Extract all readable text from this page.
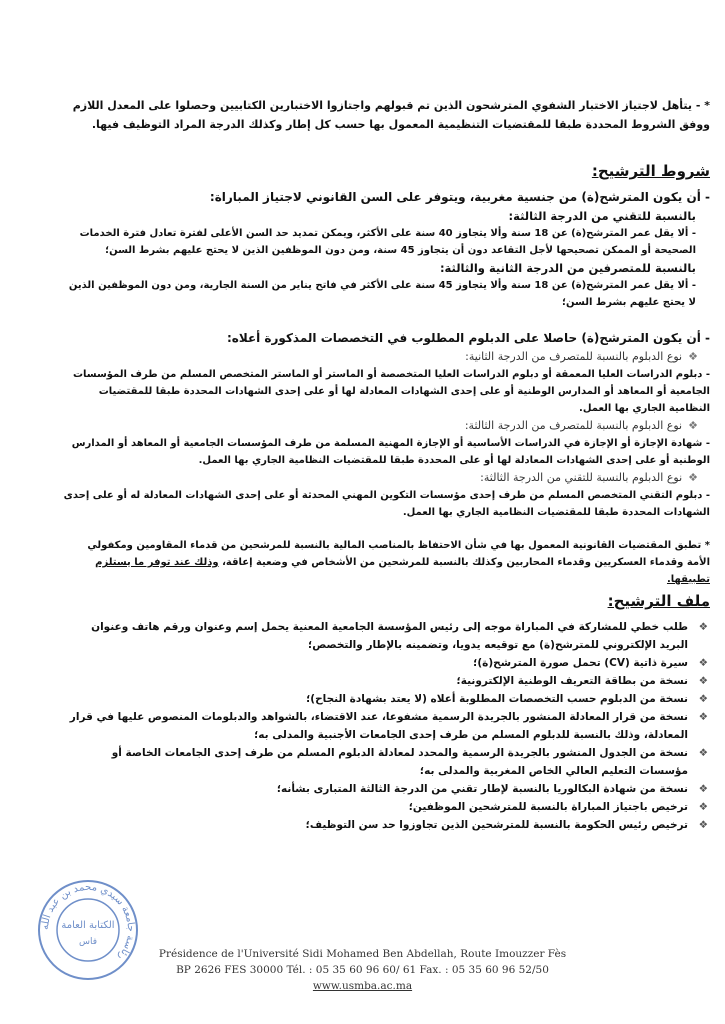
* - يتأهل لاجتياز الاختبار الشفوي المترشحون الذين تم قبولهم واجتازوا الاختبارين الكتابيين وحصلوا على المعدل اللازم ووفق الشروط المحددة طبقا للمقتضيات التنظيمية المعمول بها حسب كل إطار وكذلك الدرجة المراد التوظيف فيها.

شروط الترشيح:

- أن يكون المترشح(ة) من جنسية مغربية، ويتوفر على السن القانوني لاجتياز المباراة:

بالنسبة للتقني من الدرجة الثالثة:

- ألا يقل عمر المترشح(ة) عن 18 سنة وألا يتجاوز 40 سنة على الأكثر، ويمكن تمديد حد السن الأعلى لفترة تعادل فترة الخدمات الصحيحة أو الممكن تصحيحها لأجل التقاعد دون أن يتجاوز 45 سنة، ومن دون الموظفين الذين لا يحتج عليهم بشرط السن؛

بالنسبة للمتصرفين من الدرجة الثانية والثالثة:

- ألا يقل عمر المترشح(ة) عن 18 سنة وألا يتجاوز 45 سنة على الأكثر في فاتح يناير من السنة الجارية، ومن دون الموظفين الذين لا يحتج عليهم بشرط السن؛

- أن يكون المترشح(ة) حاصلا على الدبلوم المطلوب في التخصصات المذكورة أعلاه:

❖نوع الدبلوم بالنسبة للمتصرف من الدرجة الثانية:

- دبلوم الدراسات العليا المعمقة أو دبلوم الدراسات العليا المتخصصة أو الماستر أو الماستر المتخصص المسلم من طرف المؤسسات الجامعية أو المعاهد أو المدارس الوطنية أو على إحدى الشهادات المعادلة لها أو على إحدى الشهادات المحددة طبقا للمقتضيات النظامية الجاري بها العمل.

❖نوع الدبلوم بالنسبة للمتصرف من الدرجة الثالثة:

- شهادة الإجازة أو الإجازة في الدراسات الأساسية أو الإجازة المهنية المسلمة من طرف المؤسسات الجامعية أو المعاهد أو المدارس الوطنية أو على إحدى الشهادات المعادلة لها أو على المحددة طبقا للمقتضيات النظامية الجاري بها العمل.

❖نوع الدبلوم بالنسبة للتقني من الدرجة الثالثة:

- دبلوم التقني المتخصص المسلم من طرف إحدى مؤسسات التكوين المهني المحدثة أو على إحدى الشهادات المعادلة له أو على إحدى الشهادات المحددة طبقا للمقتضيات النظامية الجاري بها العمل.

* تطبق المقتضيات القانونية المعمول بها في شأن الاحتفاظ بالمناصب المالية بالنسبة للمرشحين من قدماء المقاومين ومكفولي الأمة وقدماء العسكريين وقدماء المحاربين وكذلك بالنسبة للمرشحين من الأشخاص في وضعية إعاقة، وذلك عند توفر ما يستلزم تطبيقها.

ملف الترشيح:
❖
طلب خطي للمشاركة في المباراة موجه إلى رئيس المؤسسة الجامعية المعنية يحمل إسم وعنوان ورقم هاتف وعنوان البريد الإلكتروني للمترشح(ة) مع توقيعه يدويا، وتضمينه بالإطار والتخصص؛
❖
سيرة ذاتية (CV) تحمل صورة المترشح(ة)؛
❖
نسخة من بطاقة التعريف الوطنية الإلكترونية؛
❖
نسخة من الدبلوم حسب التخصصات المطلوبة أعلاه (لا يعتد بشهادة النجاح)؛
❖
نسخة من قرار المعادلة المنشور بالجريدة الرسمية مشفوعا، عند الاقتضاء، بالشواهد والدبلومات المنصوص عليها في قرار المعادلة، وذلك بالنسبة للدبلوم المسلم من طرف إحدى الجامعات الأجنبية والمدلى به؛
❖
نسخة من الجدول المنشور بالجريدة الرسمية والمحدد لمعادلة الدبلوم المسلم من طرف إحدى الجامعات الخاصة أو مؤسسات التعليم العالي الخاص المغربية والمدلى به؛
❖
نسخة من شهادة البكالوريا بالنسبة لإطار تقني من الدرجة الثالثة المتبارى بشأنه؛
❖
ترخيص باجتياز المباراة بالنسبة للمترشحين الموظفين؛
❖
ترخيص رئيس الحكومة بالنسبة للمترشحين الذين تجاوزوا حد سن التوظيف؛
رئاسة جامعة سيدي محمد بن عبد الله
الكتابة العامة
فاس
Présidence de l'Université Sidi Mohamed Ben Abdellah, Route Imouzzer Fès
BP 2626 FES 30000 Tél. : 05 35 60 96 60/ 61 Fax. : 05 35 60 96 52/50
www.usmba.ac.ma
